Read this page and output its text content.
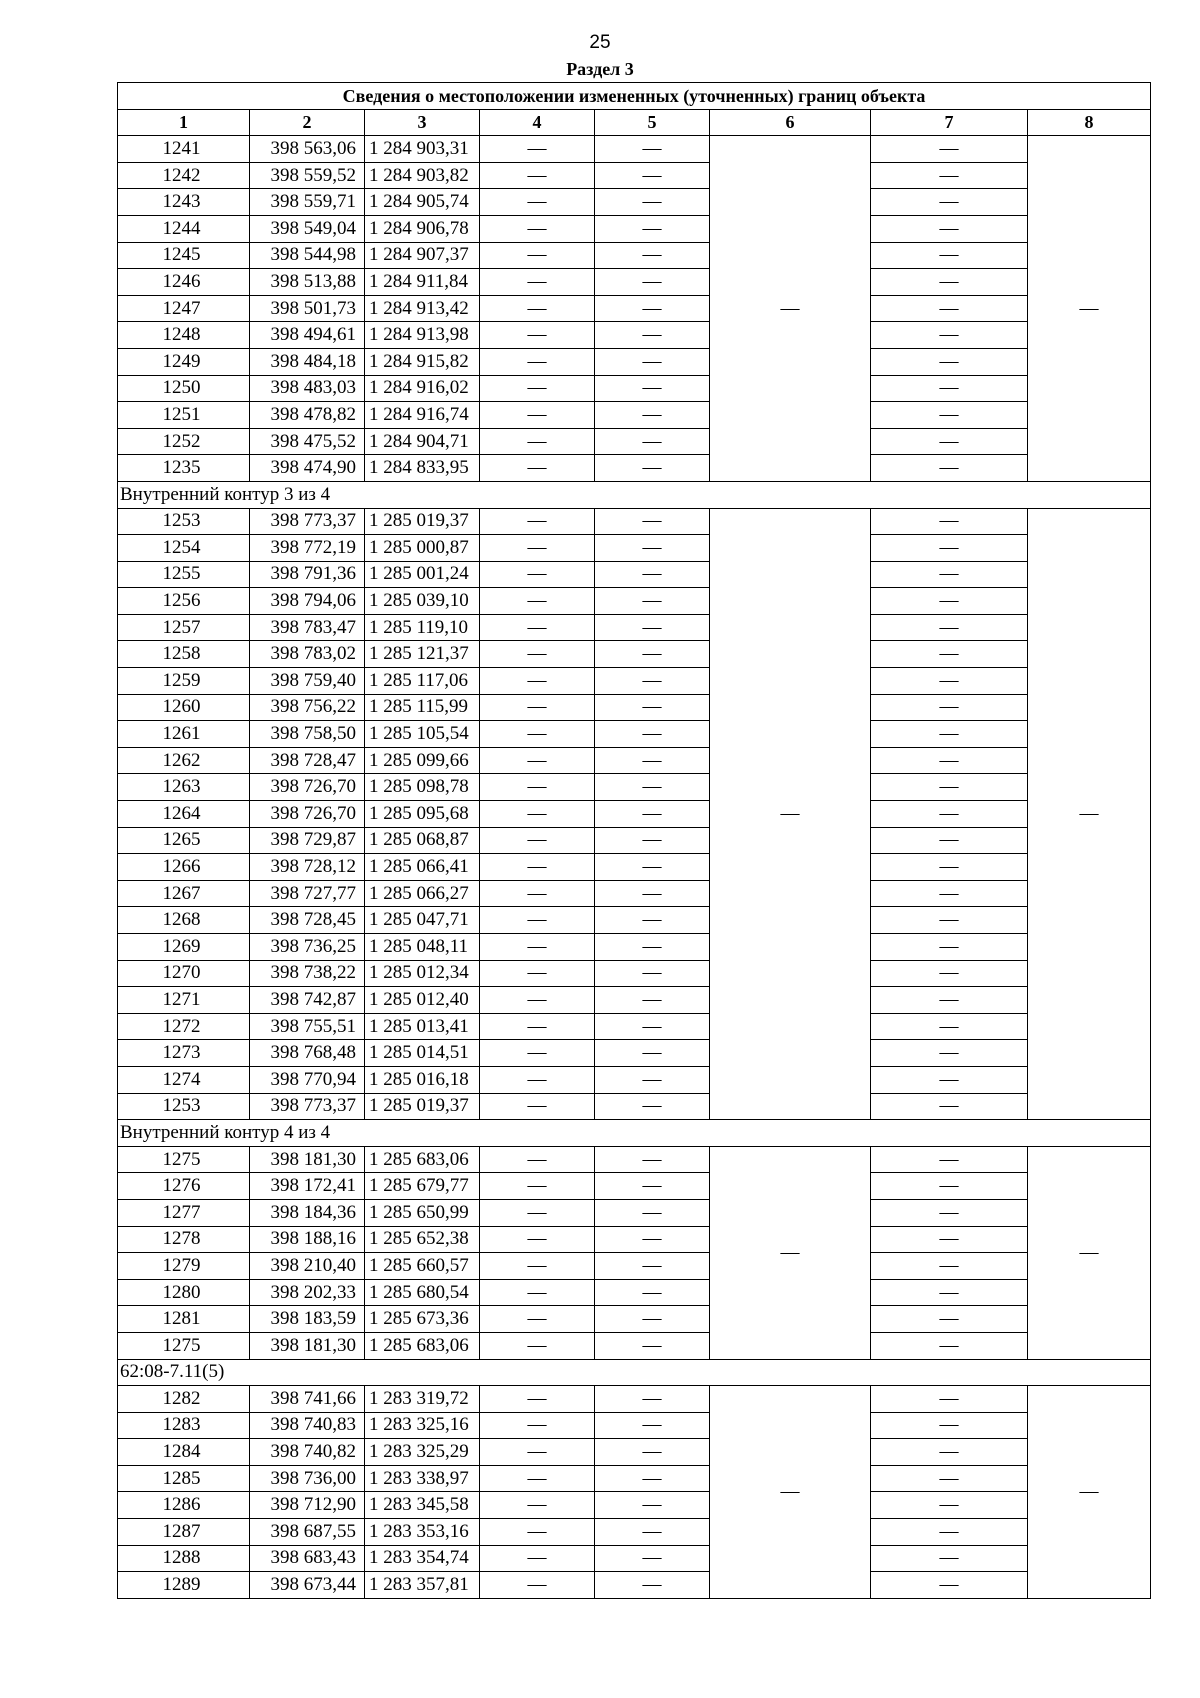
25
Раздел 3
Сведения о местоположении измененных (уточненных) границ объекта							
1	2	3	4	5	6	7	8
1241	398 563,06	1 284 903,31	—	—	—	—	—
1242	398 559,52	1 284 903,82	—	—		—	
1243	398 559,71	1 284 905,74	—	—		—	
1244	398 549,04	1 284 906,78	—	—		—	
1245	398 544,98	1 284 907,37	—	—		—	
1246	398 513,88	1 284 911,84	—	—		—	
1247	398 501,73	1 284 913,42	—	—		—	
1248	398 494,61	1 284 913,98	—	—		—	
1249	398 484,18	1 284 915,82	—	—		—	
1250	398 483,03	1 284 916,02	—	—		—	
1251	398 478,82	1 284 916,74	—	—		—	
1252	398 475,52	1 284 904,71	—	—		—	
1235	398 474,90	1 284 833,95	—	—		—	
Внутренний контур 3 из 4							
1253	398 773,37	1 285 019,37	—	—	—	—	—
1254	398 772,19	1 285 000,87	—	—		—	
1255	398 791,36	1 285 001,24	—	—		—	
1256	398 794,06	1 285 039,10	—	—		—	
1257	398 783,47	1 285 119,10	—	—		—	
1258	398 783,02	1 285 121,37	—	—		—	
1259	398 759,40	1 285 117,06	—	—		—	
1260	398 756,22	1 285 115,99	—	—		—	
1261	398 758,50	1 285 105,54	—	—		—	
1262	398 728,47	1 285 099,66	—	—		—	
1263	398 726,70	1 285 098,78	—	—		—	
1264	398 726,70	1 285 095,68	—	—		—	
1265	398 729,87	1 285 068,87	—	—		—	
1266	398 728,12	1 285 066,41	—	—		—	
1267	398 727,77	1 285 066,27	—	—		—	
1268	398 728,45	1 285 047,71	—	—		—	
1269	398 736,25	1 285 048,11	—	—		—	
1270	398 738,22	1 285 012,34	—	—		—	
1271	398 742,87	1 285 012,40	—	—		—	
1272	398 755,51	1 285 013,41	—	—		—	
1273	398 768,48	1 285 014,51	—	—		—	
1274	398 770,94	1 285 016,18	—	—		—	
1253	398 773,37	1 285 019,37	—	—		—	
Внутренний контур 4 из 4							
1275	398 181,30	1 285 683,06	—	—	—	—	—
1276	398 172,41	1 285 679,77	—	—		—	
1277	398 184,36	1 285 650,99	—	—		—	
1278	398 188,16	1 285 652,38	—	—		—	
1279	398 210,40	1 285 660,57	—	—		—	
1280	398 202,33	1 285 680,54	—	—		—	
1281	398 183,59	1 285 673,36	—	—		—	
1275	398 181,30	1 285 683,06	—	—		—	
62:08-7.11(5)							
1282	398 741,66	1 283 319,72	—	—	—	—	—
1283	398 740,83	1 283 325,16	—	—		—	
1284	398 740,82	1 283 325,29	—	—		—	
1285	398 736,00	1 283 338,97	—	—		—	
1286	398 712,90	1 283 345,58	—	—		—	
1287	398 687,55	1 283 353,16	—	—		—	
1288	398 683,43	1 283 354,74	—	—		—	
1289	398 673,44	1 283 357,81	—	—		—	
